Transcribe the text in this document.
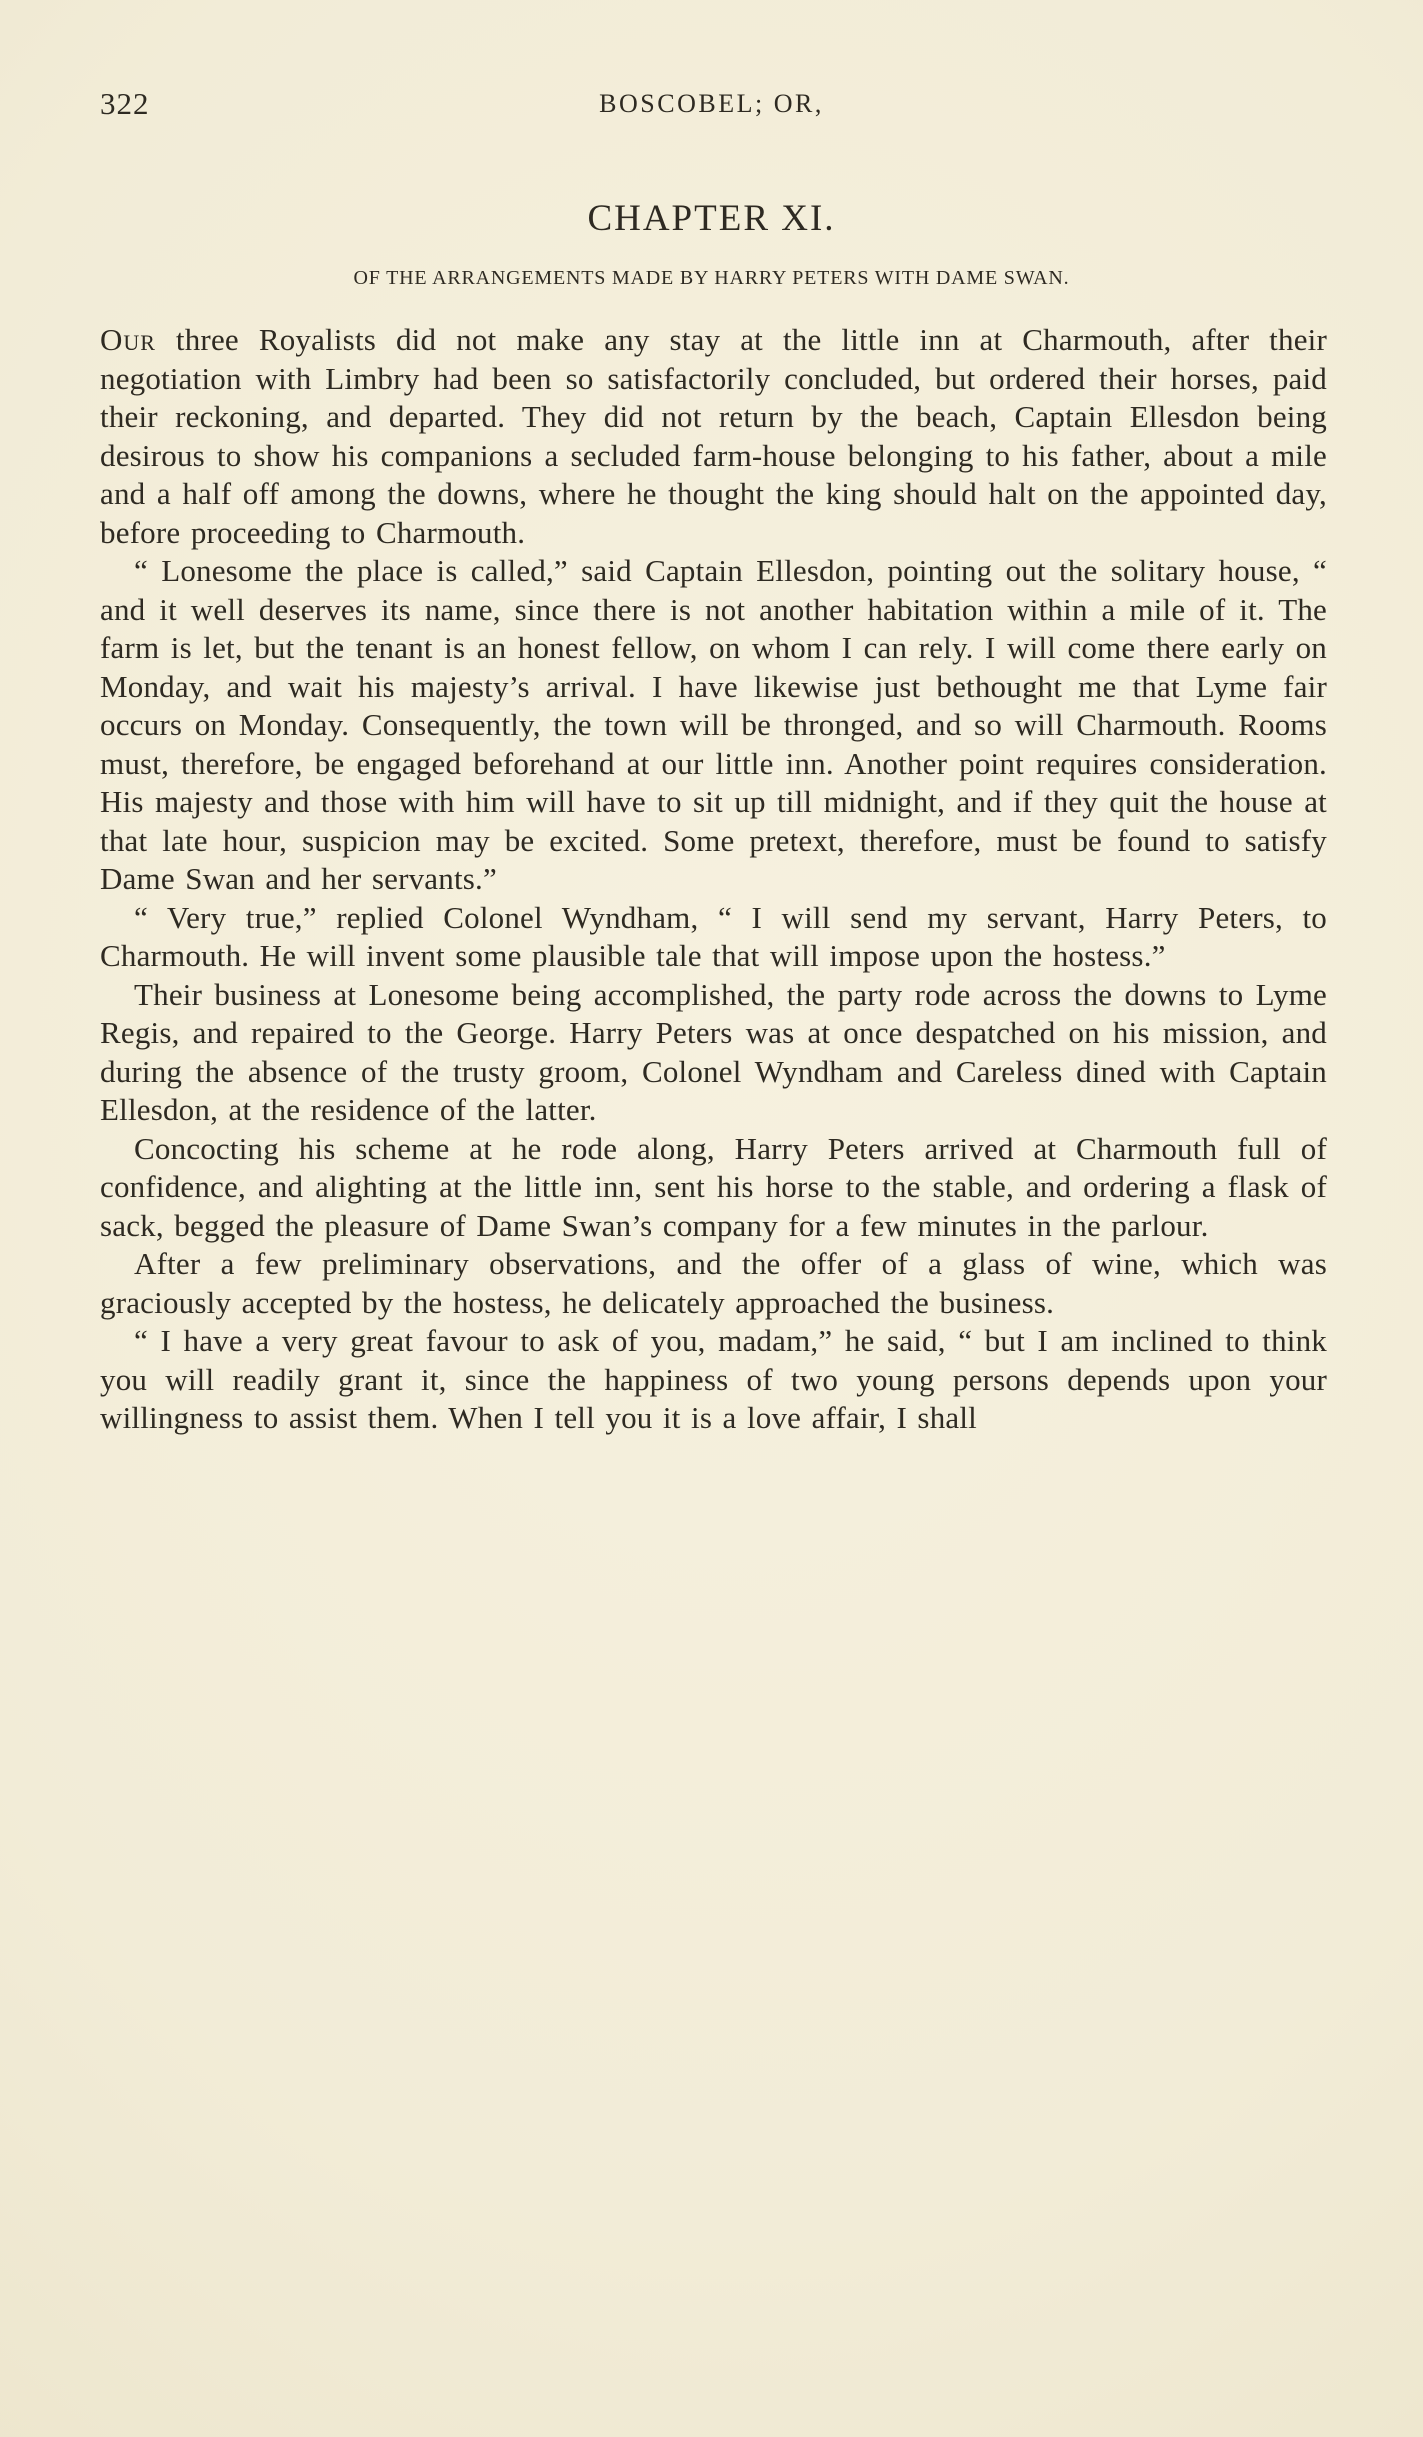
322	BOSCOBEL; OR,
CHAPTER XI.
OF THE ARRANGEMENTS MADE BY HARRY PETERS WITH DAME SWAN.

Our three Royalists did not make any stay at the little inn at Charmouth, after their negotiation with Limbry had been so satisfactorily concluded, but ordered their horses, paid their reckoning, and departed. They did not return by the beach, Captain Ellesdon being desirous to show his companions a secluded farm-house belonging to his father, about a mile and a half off among the downs, where he thought the king should halt on the appointed day, before proceeding to Charmouth.

“ Lonesome the place is called,” said Captain Ellesdon, pointing out the solitary house, “ and it well deserves its name, since there is not another habitation within a mile of it. The farm is let, but the tenant is an honest fellow, on whom I can rely. I will come there early on Monday, and wait his majesty’s arrival. I have likewise just bethought me that Lyme fair occurs on Monday. Consequently, the town will be thronged, and so will Charmouth. Rooms must, therefore, be engaged beforehand at our little inn. Another point requires consideration. His majesty and those with him will have to sit up till midnight, and if they quit the house at that late hour, suspicion may be excited. Some pretext, therefore, must be found to satisfy Dame Swan and her servants.”

“ Very true,” replied Colonel Wyndham, “ I will send my servant, Harry Peters, to Charmouth. He will invent some plausible tale that will impose upon the hostess.”

Their business at Lonesome being accomplished, the party rode across the downs to Lyme Regis, and repaired to the George. Harry Peters was at once despatched on his mission, and during the absence of the trusty groom, Colonel Wyndham and Careless dined with Captain Ellesdon, at the residence of the latter.

Concocting his scheme at he rode along, Harry Peters arrived at Charmouth full of confidence, and alighting at the little inn, sent his horse to the stable, and ordering a flask of sack, begged the pleasure of Dame Swan’s company for a few minutes in the parlour.

After a few preliminary observations, and the offer of a glass of wine, which was graciously accepted by the hostess, he delicately approached the business.

“ I have a very great favour to ask of you, madam,” he said, “ but I am inclined to think you will readily grant it, since the happiness of two young persons depends upon your willingness to assist them. When I tell you it is a love affair, I shall
